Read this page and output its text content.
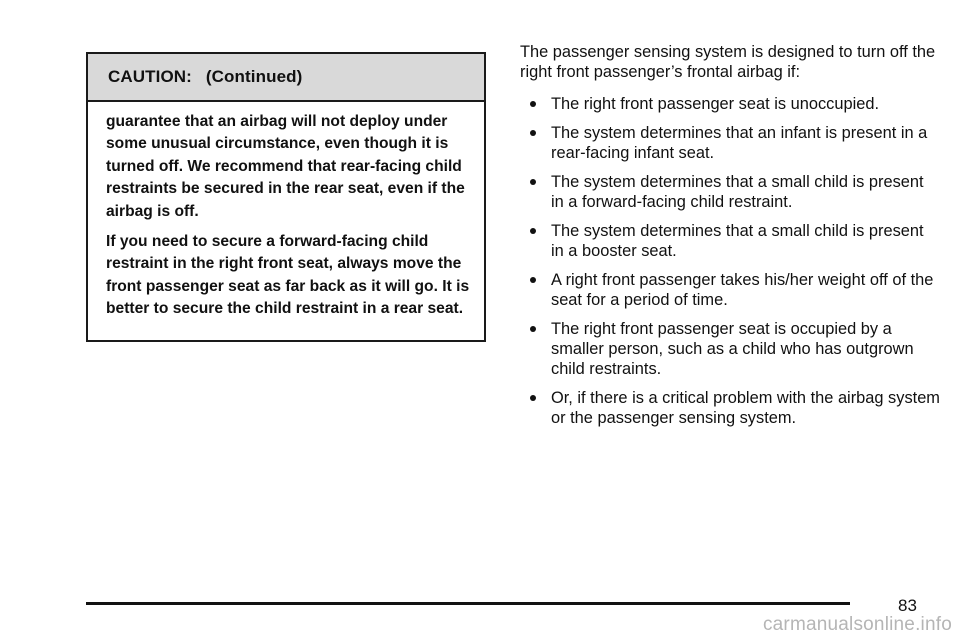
CAUTION: (Continued)

guarantee that an airbag will not deploy under some unusual circumstance, even though it is turned off. We recommend that rear-facing child restraints be secured in the rear seat, even if the airbag is off.

If you need to secure a forward-facing child restraint in the right front seat, always move the front passenger seat as far back as it will go. It is better to secure the child restraint in a rear seat.

The passenger sensing system is designed to turn off the right front passenger’s frontal airbag if:

The right front passenger seat is unoccupied.
The system determines that an infant is present in a rear-facing infant seat.
The system determines that a small child is present in a forward-facing child restraint.
The system determines that a small child is present in a booster seat.
A right front passenger takes his/her weight off of the seat for a period of time.
The right front passenger seat is occupied by a smaller person, such as a child who has outgrown child restraints.
Or, if there is a critical problem with the airbag system or the passenger sensing system.
83
carmanualsonline.info
